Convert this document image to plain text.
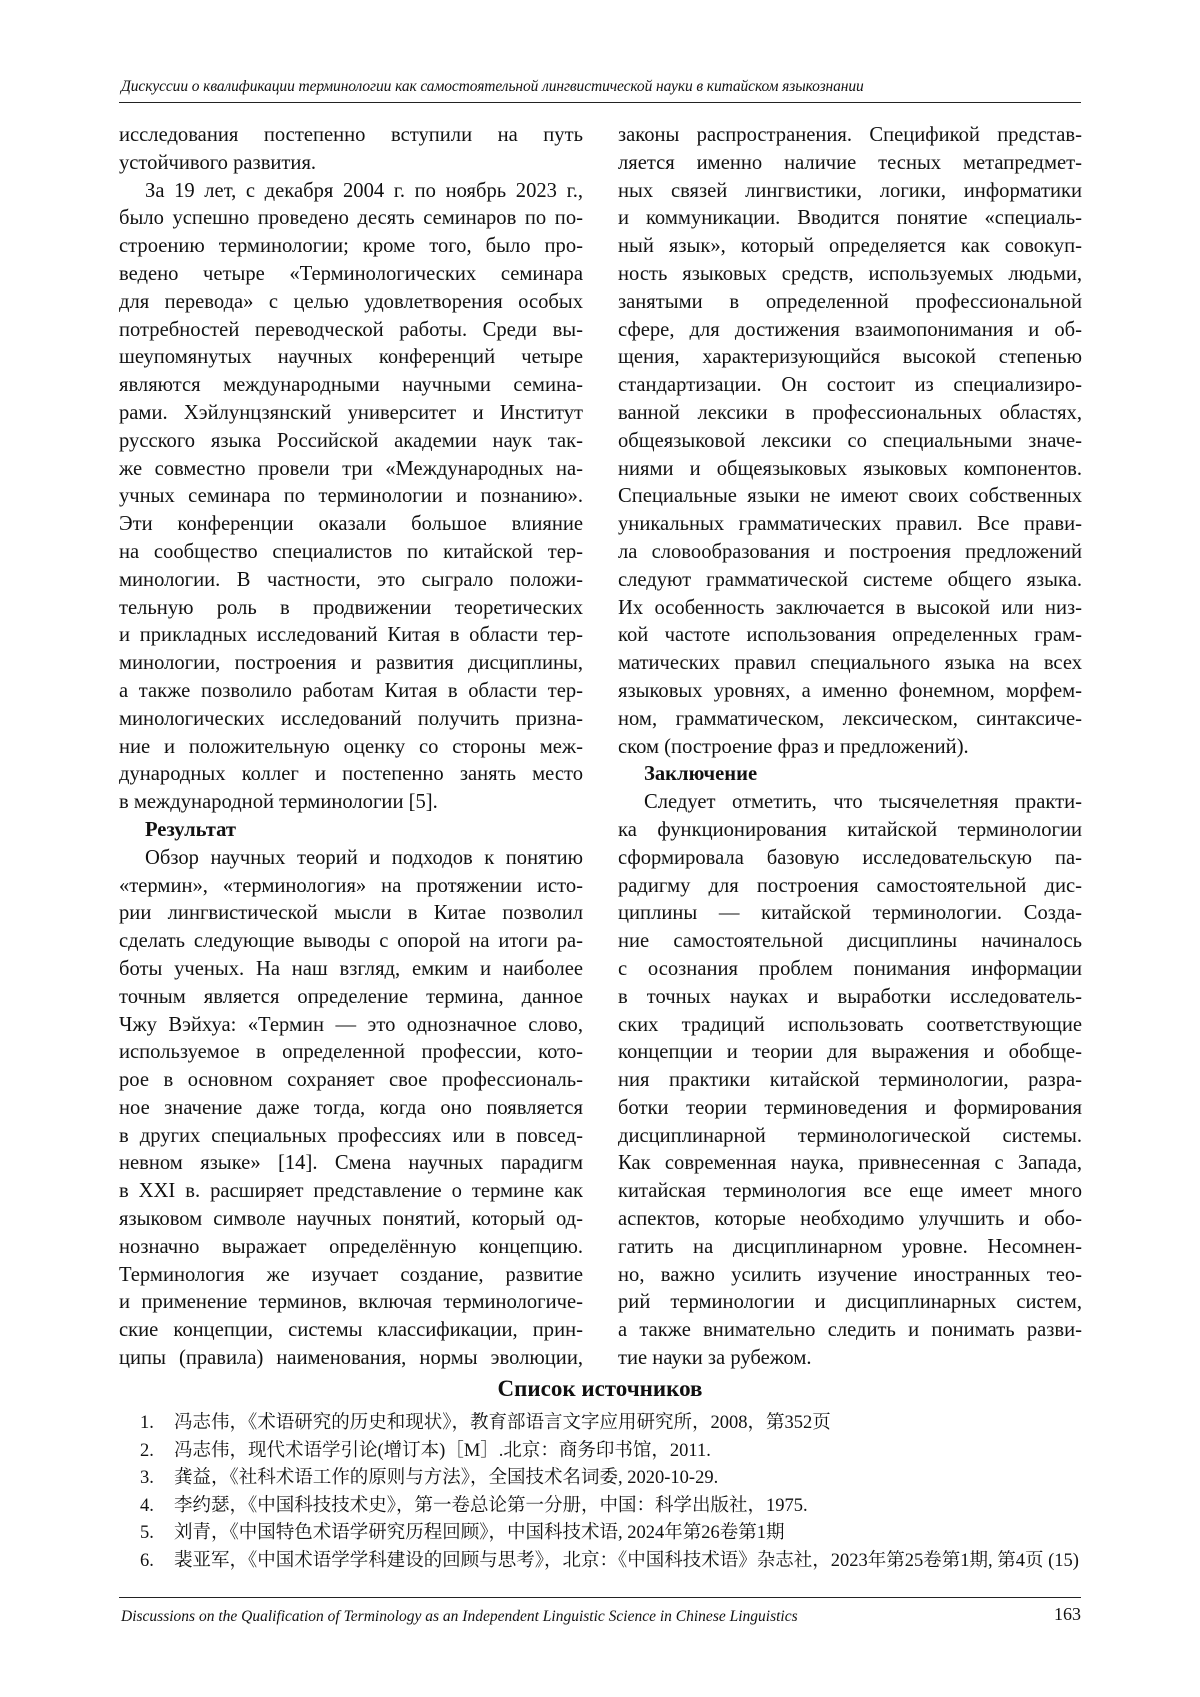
Дискуссии о квалификации терминологии как самостоятельной лингвистической науки в китайском языкознании
исследования постепенно вступили на путь
устойчивого развития.
За 19 лет, с декабря 2004 г. по ноябрь 2023 г.,
было успешно проведено десять семинаров по по-
строению терминологии; кроме того, было про-
ведено четыре «Терминологических семинара
для перевода» с целью удовлетворения особых
потребностей переводческой работы. Среди вы-
шеупомянутых научных конференций четыре
являются международными научными семина-
рами. Хэйлунцзянский университет и Институт
русского языка Российской академии наук так-
же совместно провели три «Международных на-
учных семинара по терминологии и познанию».
Эти конференции оказали большое влияние
на сообщество специалистов по китайской тер-
минологии. В частности, это сыграло положи-
тельную роль в продвижении теоретических
и прикладных исследований Китая в области тер-
минологии, построения и развития дисциплины,
а также позволило работам Китая в области тер-
минологических исследований получить призна-
ние и положительную оценку со стороны меж-
дународных коллег и постепенно занять место
в международной терминологии [5].
Результат
Обзор научных теорий и подходов к понятию
«термин», «терминология» на протяжении исто-
рии лингвистической мысли в Китае позволил
сделать следующие выводы с опорой на итоги ра-
боты ученых. На наш взгляд, емким и наиболее
точным является определение термина, данное
Чжу Вэйхуа: «Термин — это однозначное слово,
используемое в определенной профессии, кото-
рое в основном сохраняет свое профессиональ-
ное значение даже тогда, когда оно появляется
в других специальных профессиях или в повсед-
невном языке» [14]. Смена научных парадигм
в XXI в. расширяет представление о термине как
языковом символе научных понятий, который од-
нозначно выражает определённую концепцию.
Терминология же изучает создание, развитие
и применение терминов, включая терминологиче-
ские концепции, системы классификации, прин-
ципы (правила) наименования, нормы эволюции,
законы распространения. Спецификой представ-
ляется именно наличие тесных метапредмет-
ных связей лингвистики, логики, информатики
и коммуникации. Вводится понятие «специаль-
ный язык», который определяется как совокуп-
ность языковых средств, используемых людьми,
занятыми в определенной профессиональной
сфере, для достижения взаимопонимания и об-
щения, характеризующийся высокой степенью
стандартизации. Он состоит из специализиро-
ванной лексики в профессиональных областях,
общеязыковой лексики со специальными значе-
ниями и общеязыковых языковых компонентов.
Специальные языки не имеют своих собственных
уникальных грамматических правил. Все прави-
ла словообразования и построения предложений
следуют грамматической системе общего языка.
Их особенность заключается в высокой или низ-
кой частоте использования определенных грам-
матических правил специального языка на всех
языковых уровнях, а именно фонемном, морфем-
ном, грамматическом, лексическом, синтаксиче-
ском (построение фраз и предложений).
Заключение
Следует отметить, что тысячелетняя практи-
ка функционирования китайской терминологии
сформировала базовую исследовательскую па-
радигму для построения самостоятельной дис-
циплины — китайской терминологии. Созда-
ние самостоятельной дисциплины начиналось
с осознания проблем понимания информации
в точных науках и выработки исследователь-
ских традиций использовать соответствующие
концепции и теории для выражения и обобще-
ния практики китайской терминологии, разра-
ботки теории терминоведения и формирования
дисциплинарной терминологической системы.
Как современная наука, привнесенная с Запада,
китайская терминология все еще имеет много
аспектов, которые необходимо улучшить и обо-
гатить на дисциплинарном уровне. Несомнен-
но, важно усилить изучение иностранных тео-
рий терминологии и дисциплинарных систем,
а также внимательно следить и понимать разви-
тие науки за рубежом.
Список источников
1.	冯志伟，《术语研究的历史和现状》，教育部语言文字应用研究所，2008，第352页
2.	冯志伟，现代术语学引论(增订本)［M］.北京：商务印书馆，2011.
3.	龚益，《社科术语工作的原则与方法》，全国技术名词委, 2020-10-29.
4.	李约瑟，《中国科技技术史》，第一卷总论第一分册，中国：科学出版社，1975.
5.	刘青，《中国特色术语学研究历程回顾》，中国科技术语, 2024年第26卷第1期
6.	裴亚军，《中国术语学学科建设的回顾与思考》，北京：《中国科技术语》杂志社，2023年第25卷第1期, 第4页 (15)
Discussions on the Qualification of Terminology as an Independent Linguistic Science in Chinese Linguistics	163
